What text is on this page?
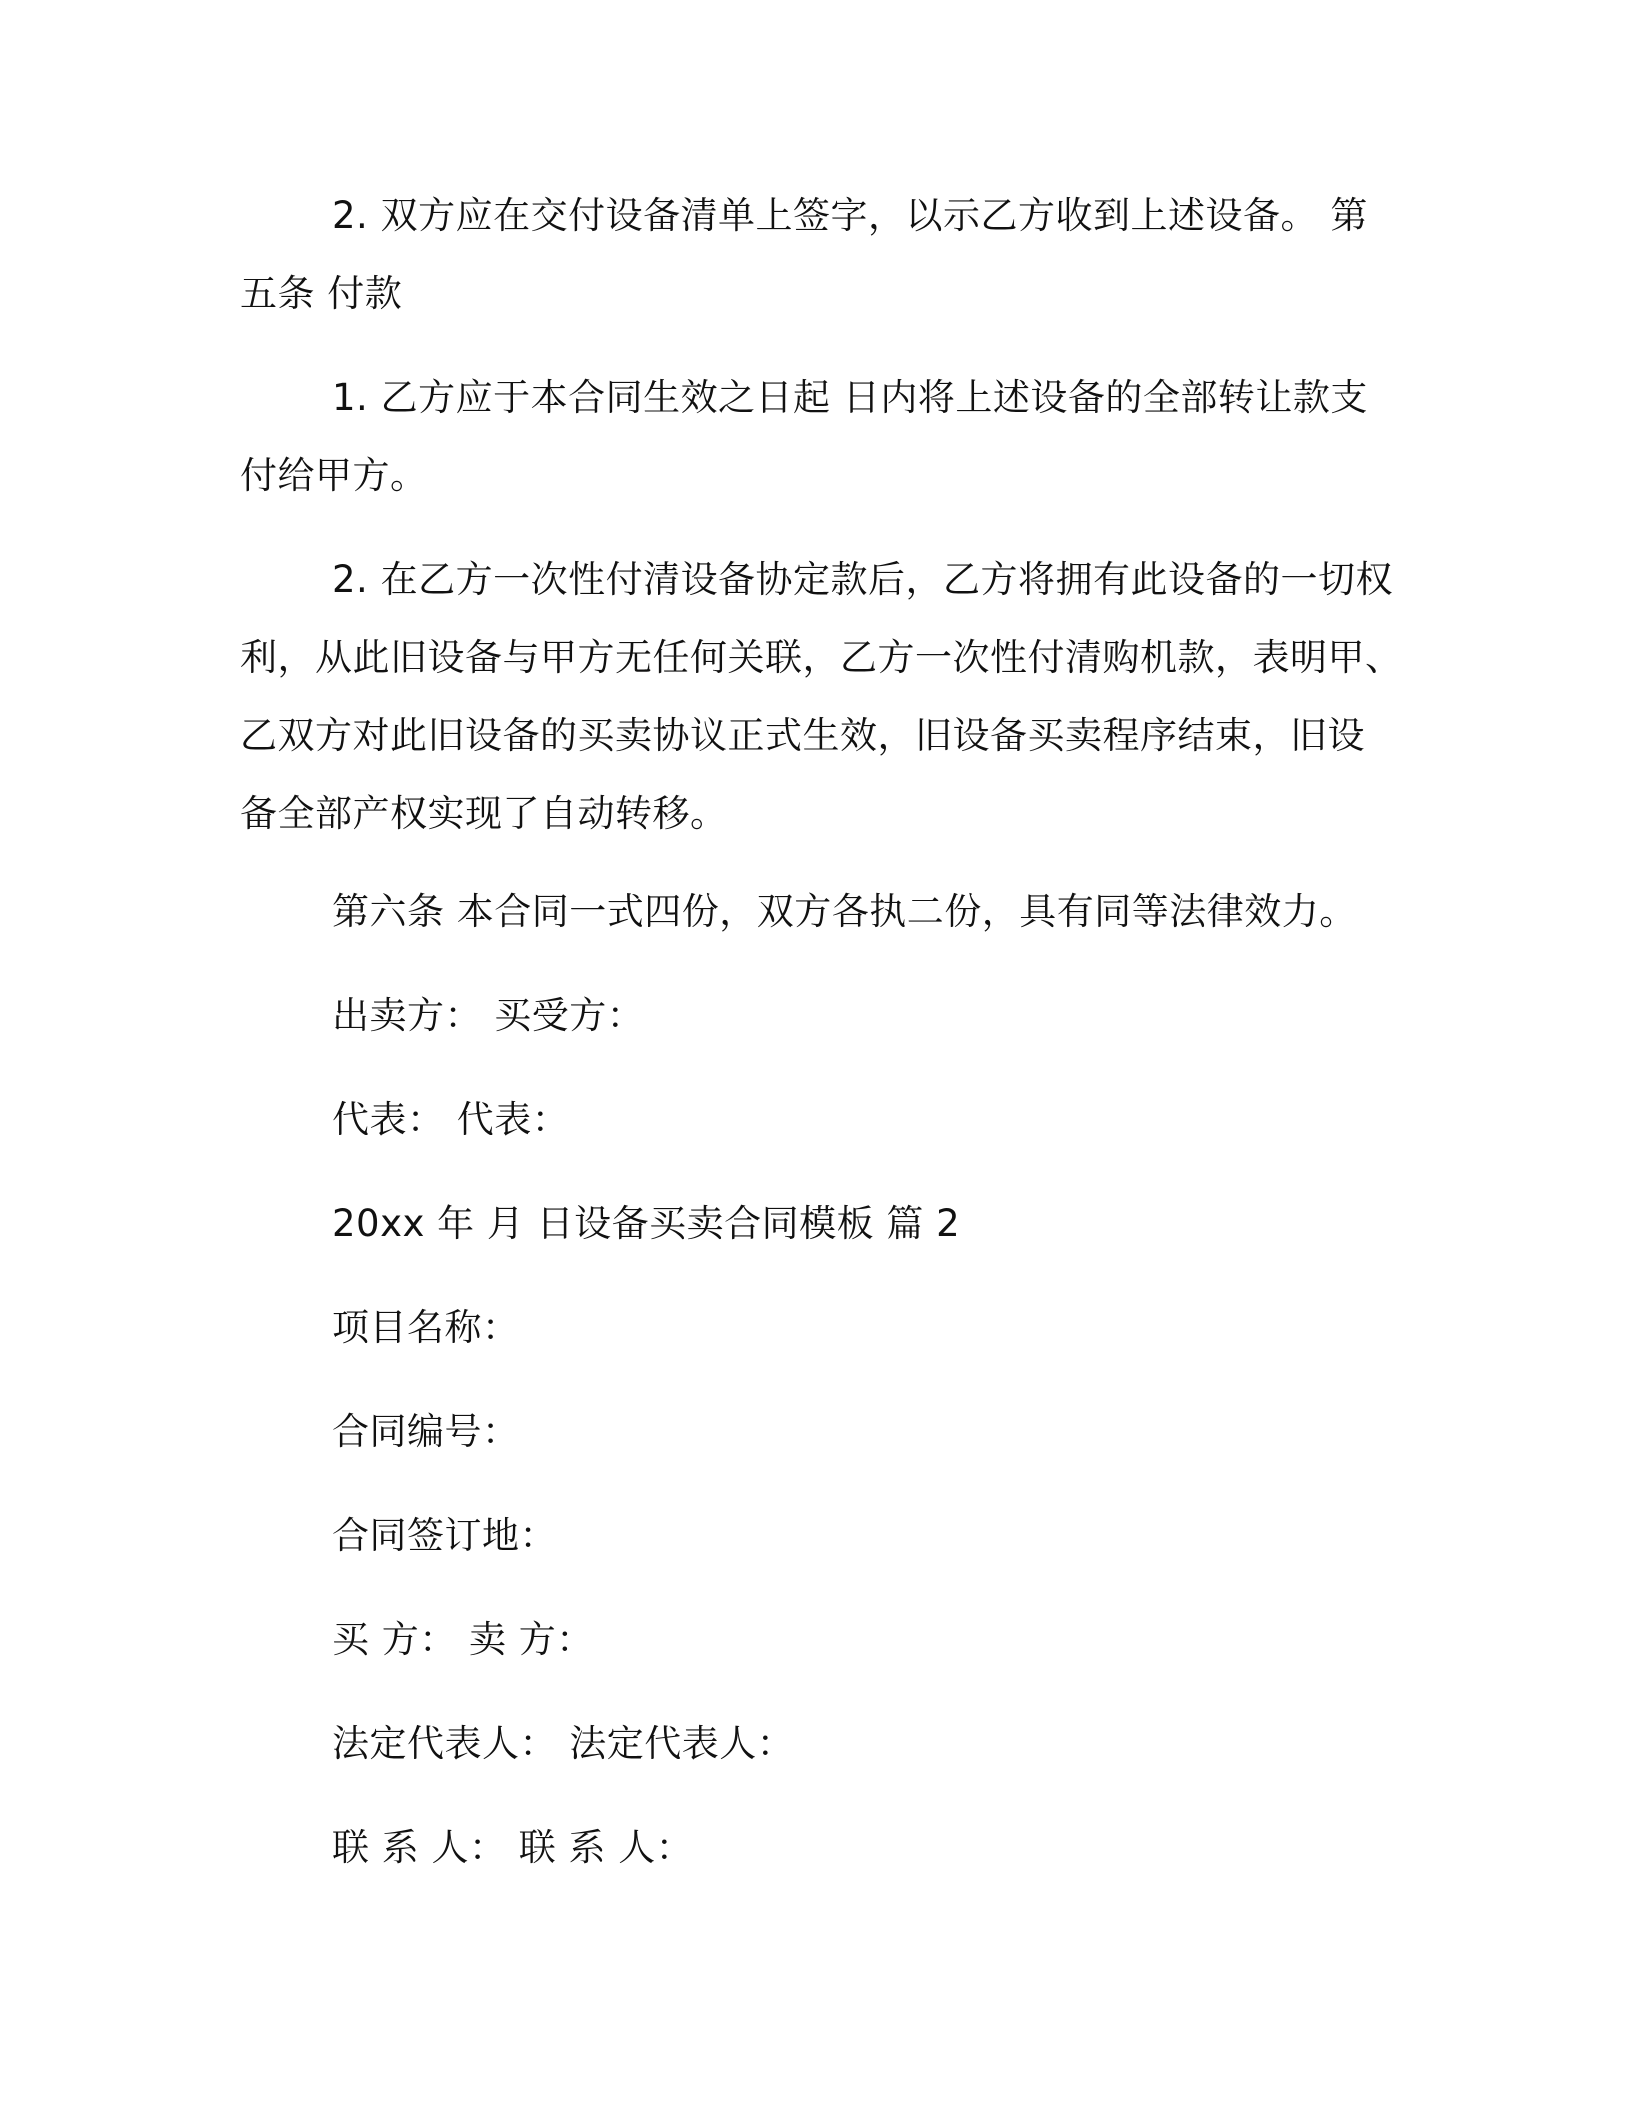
2. 双方应在交付设备清单上签字，以示乙方收到上述设备。 第
五条 付款
1. 乙方应于本合同生效之日起 日内将上述设备的全部转让款支
付给甲方。
2. 在乙方一次性付清设备协定款后，乙方将拥有此设备的一切权
利，从此旧设备与甲方无任何关联，乙方一次性付清购机款，表明甲、
乙双方对此旧设备的买卖协议正式生效，旧设备买卖程序结束，旧设
备全部产权实现了自动转移。
第六条 本合同一式四份，双方各执二份，具有同等法律效力。
出卖方： 买受方：
代表： 代表：
20xx 年 月 日设备买卖合同模板 篇 2
项目名称：
合同编号：
合同签订地：
买 方： 卖 方：
法定代表人： 法定代表人：
联 系 人： 联 系 人：
